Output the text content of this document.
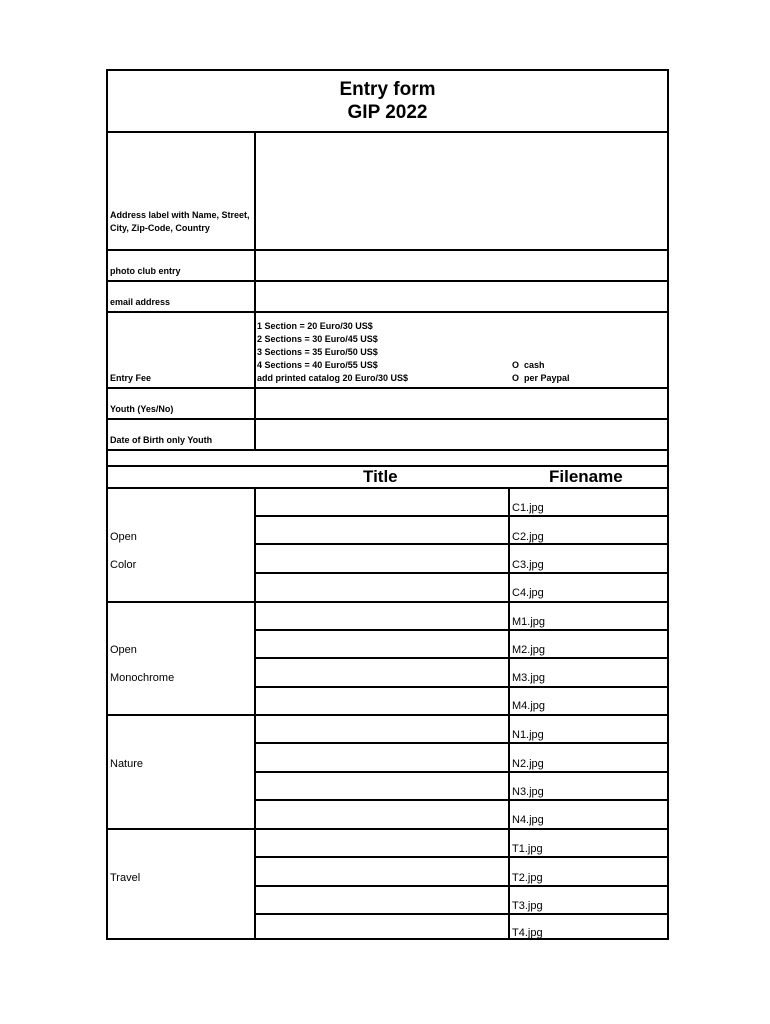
Entry form
GIP 2022
Address label with Name, Street, City, Zip-Code, Country
photo club entry
email address
Entry Fee
Youth (Yes/No)
Date of Birth only Youth
1 Section = 20 Euro/30 US$
2 Sections = 30 Euro/45 US$
3 Sections = 35 Euro/50 US$
4 Sections = 40 Euro/55 US$
add printed catalog 20 Euro/30 US$
O  cash
O  per Paypal
Title	Filename
Open
Color
C1.jpg
C2.jpg
C3.jpg
C4.jpg
Open
Monochrome
M1.jpg
M2.jpg
M3.jpg
M4.jpg
Nature
N1.jpg
N2.jpg
N3.jpg
N4.jpg
Travel
T1.jpg
T2.jpg
T3.jpg
T4.jpg
